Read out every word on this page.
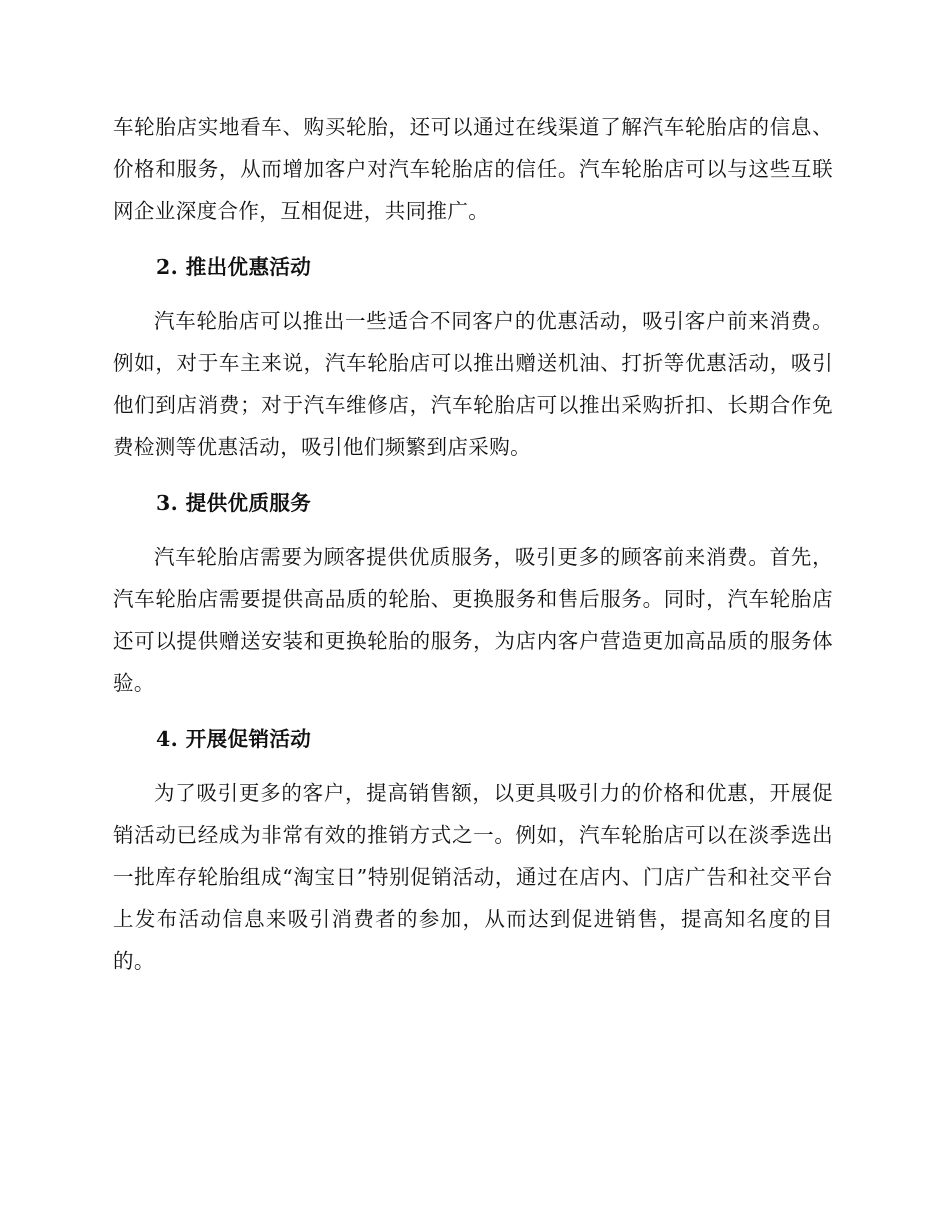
车轮胎店实地看车、购买轮胎，还可以通过在线渠道了解汽车轮胎店的信息、价格和服务，从而增加客户对汽车轮胎店的信任。汽车轮胎店可以与这些互联网企业深度合作，互相促进，共同推广。

2. 推出优惠活动

汽车轮胎店可以推出一些适合不同客户的优惠活动，吸引客户前来消费。例如，对于车主来说，汽车轮胎店可以推出赠送机油、打折等优惠活动，吸引他们到店消费；对于汽车维修店，汽车轮胎店可以推出采购折扣、长期合作免费检测等优惠活动，吸引他们频繁到店采购。

3. 提供优质服务

汽车轮胎店需要为顾客提供优质服务，吸引更多的顾客前来消费。首先，汽车轮胎店需要提供高品质的轮胎、更换服务和售后服务。同时，汽车轮胎店还可以提供赠送安装和更换轮胎的服务，为店内客户营造更加高品质的服务体验。

4. 开展促销活动

为了吸引更多的客户，提高销售额，以更具吸引力的价格和优惠，开展促销活动已经成为非常有效的推销方式之一。例如，汽车轮胎店可以在淡季选出一批库存轮胎组成“淘宝日”特别促销活动，通过在店内、门店广告和社交平台上发布活动信息来吸引消费者的参加，从而达到促进销售，提高知名度的目的。
